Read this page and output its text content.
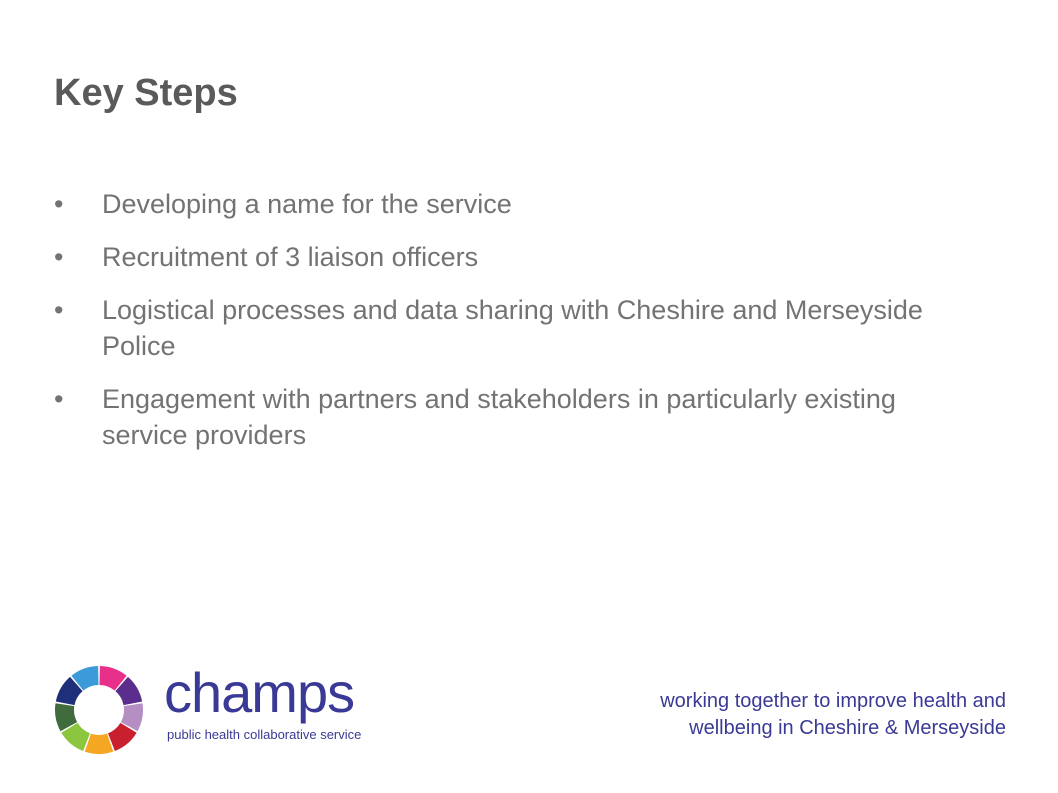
Key Steps
•	Developing a name for the service
•	Recruitment of 3 liaison officers
•	Logistical processes and data sharing with Cheshire and Merseyside Police
•	Engagement with partners and stakeholders in particularly existing service providers
champs
public health collaborative service
working together to improve health and
wellbeing in Cheshire & Merseyside
